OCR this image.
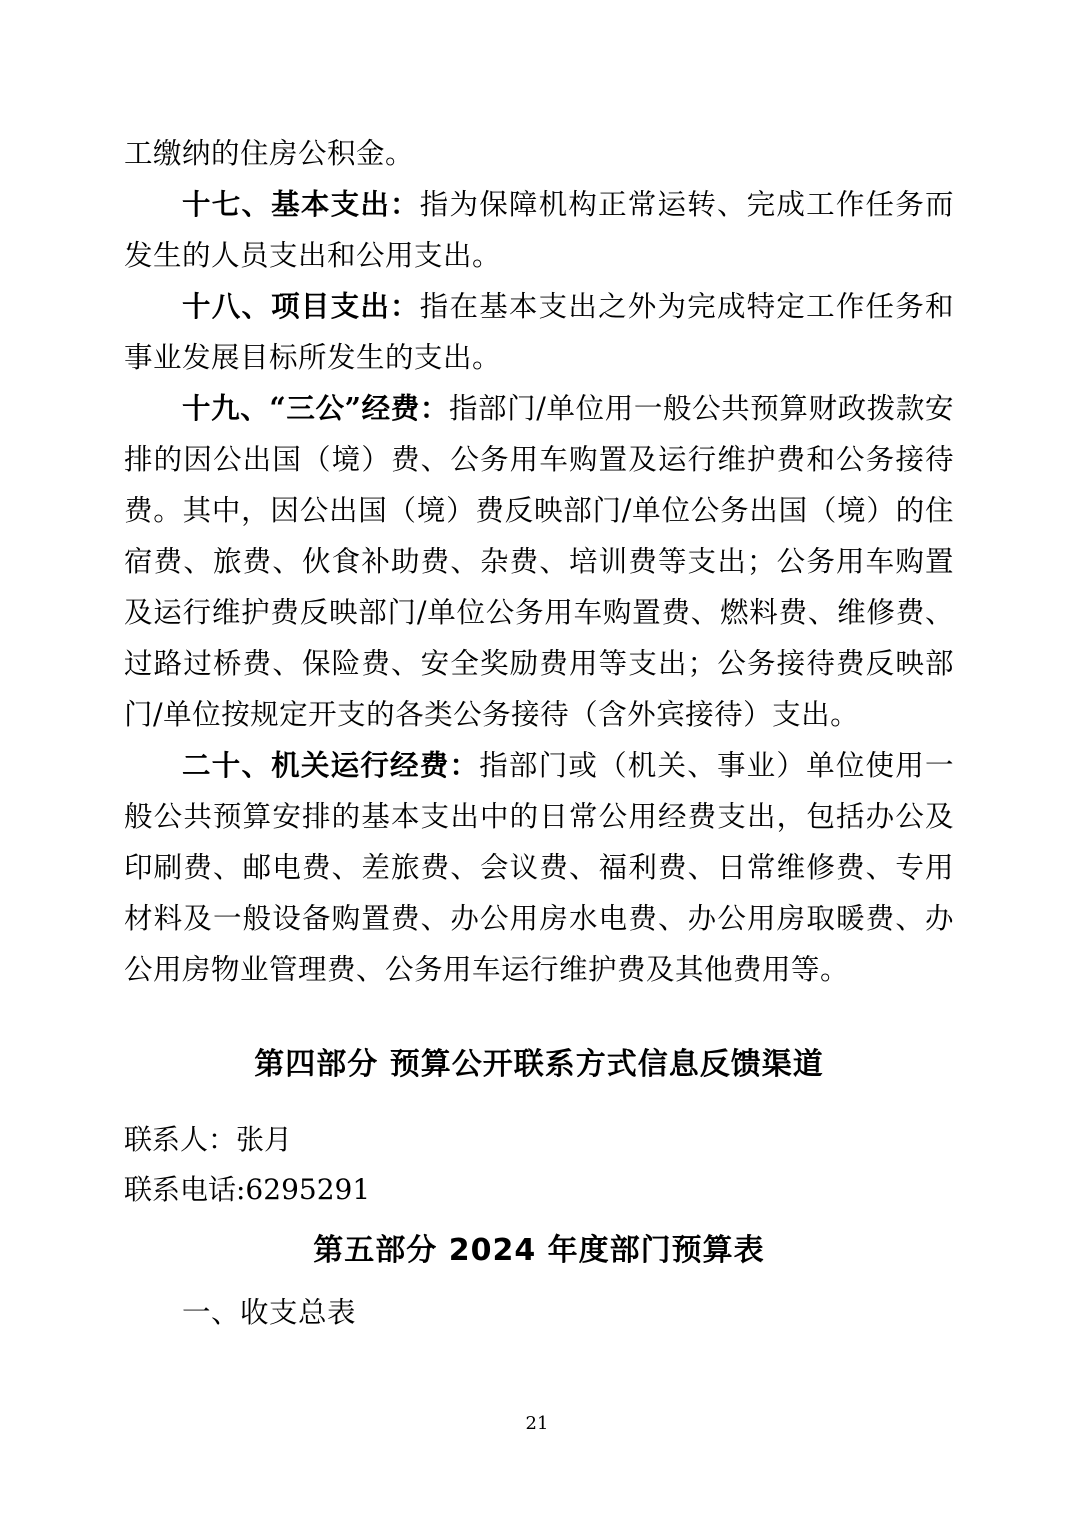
工缴纳的住房公积金。

十七、基本支出：指为保障机构正常运转、完成工作任务而发生的人员支出和公用支出。

十八、项目支出：指在基本支出之外为完成特定工作任务和事业发展目标所发生的支出。

十九、“三公”经费：指部门/单位用一般公共预算财政拨款安排的因公出国（境）费、公务用车购置及运行维护费和公务接待费。其中，因公出国（境）费反映部门/单位公务出国（境）的住宿费、旅费、伙食补助费、杂费、培训费等支出；公务用车购置及运行维护费反映部门/单位公务用车购置费、燃料费、维修费、过路过桥费、保险费、安全奖励费用等支出；公务接待费反映部门/单位按规定开支的各类公务接待（含外宾接待）支出。

二十、机关运行经费：指部门或（机关、事业）单位使用一般公共预算安排的基本支出中的日常公用经费支出，包括办公及印刷费、邮电费、差旅费、会议费、福利费、日常维修费、专用材料及一般设备购置费、办公用房水电费、办公用房取暖费、办公用房物业管理费、公务用车运行维护费及其他费用等。

第四部分 预算公开联系方式信息反馈渠道

联系人：张月

联系电话:6295291

第五部分 2024 年度部门预算表

一、收支总表

21
